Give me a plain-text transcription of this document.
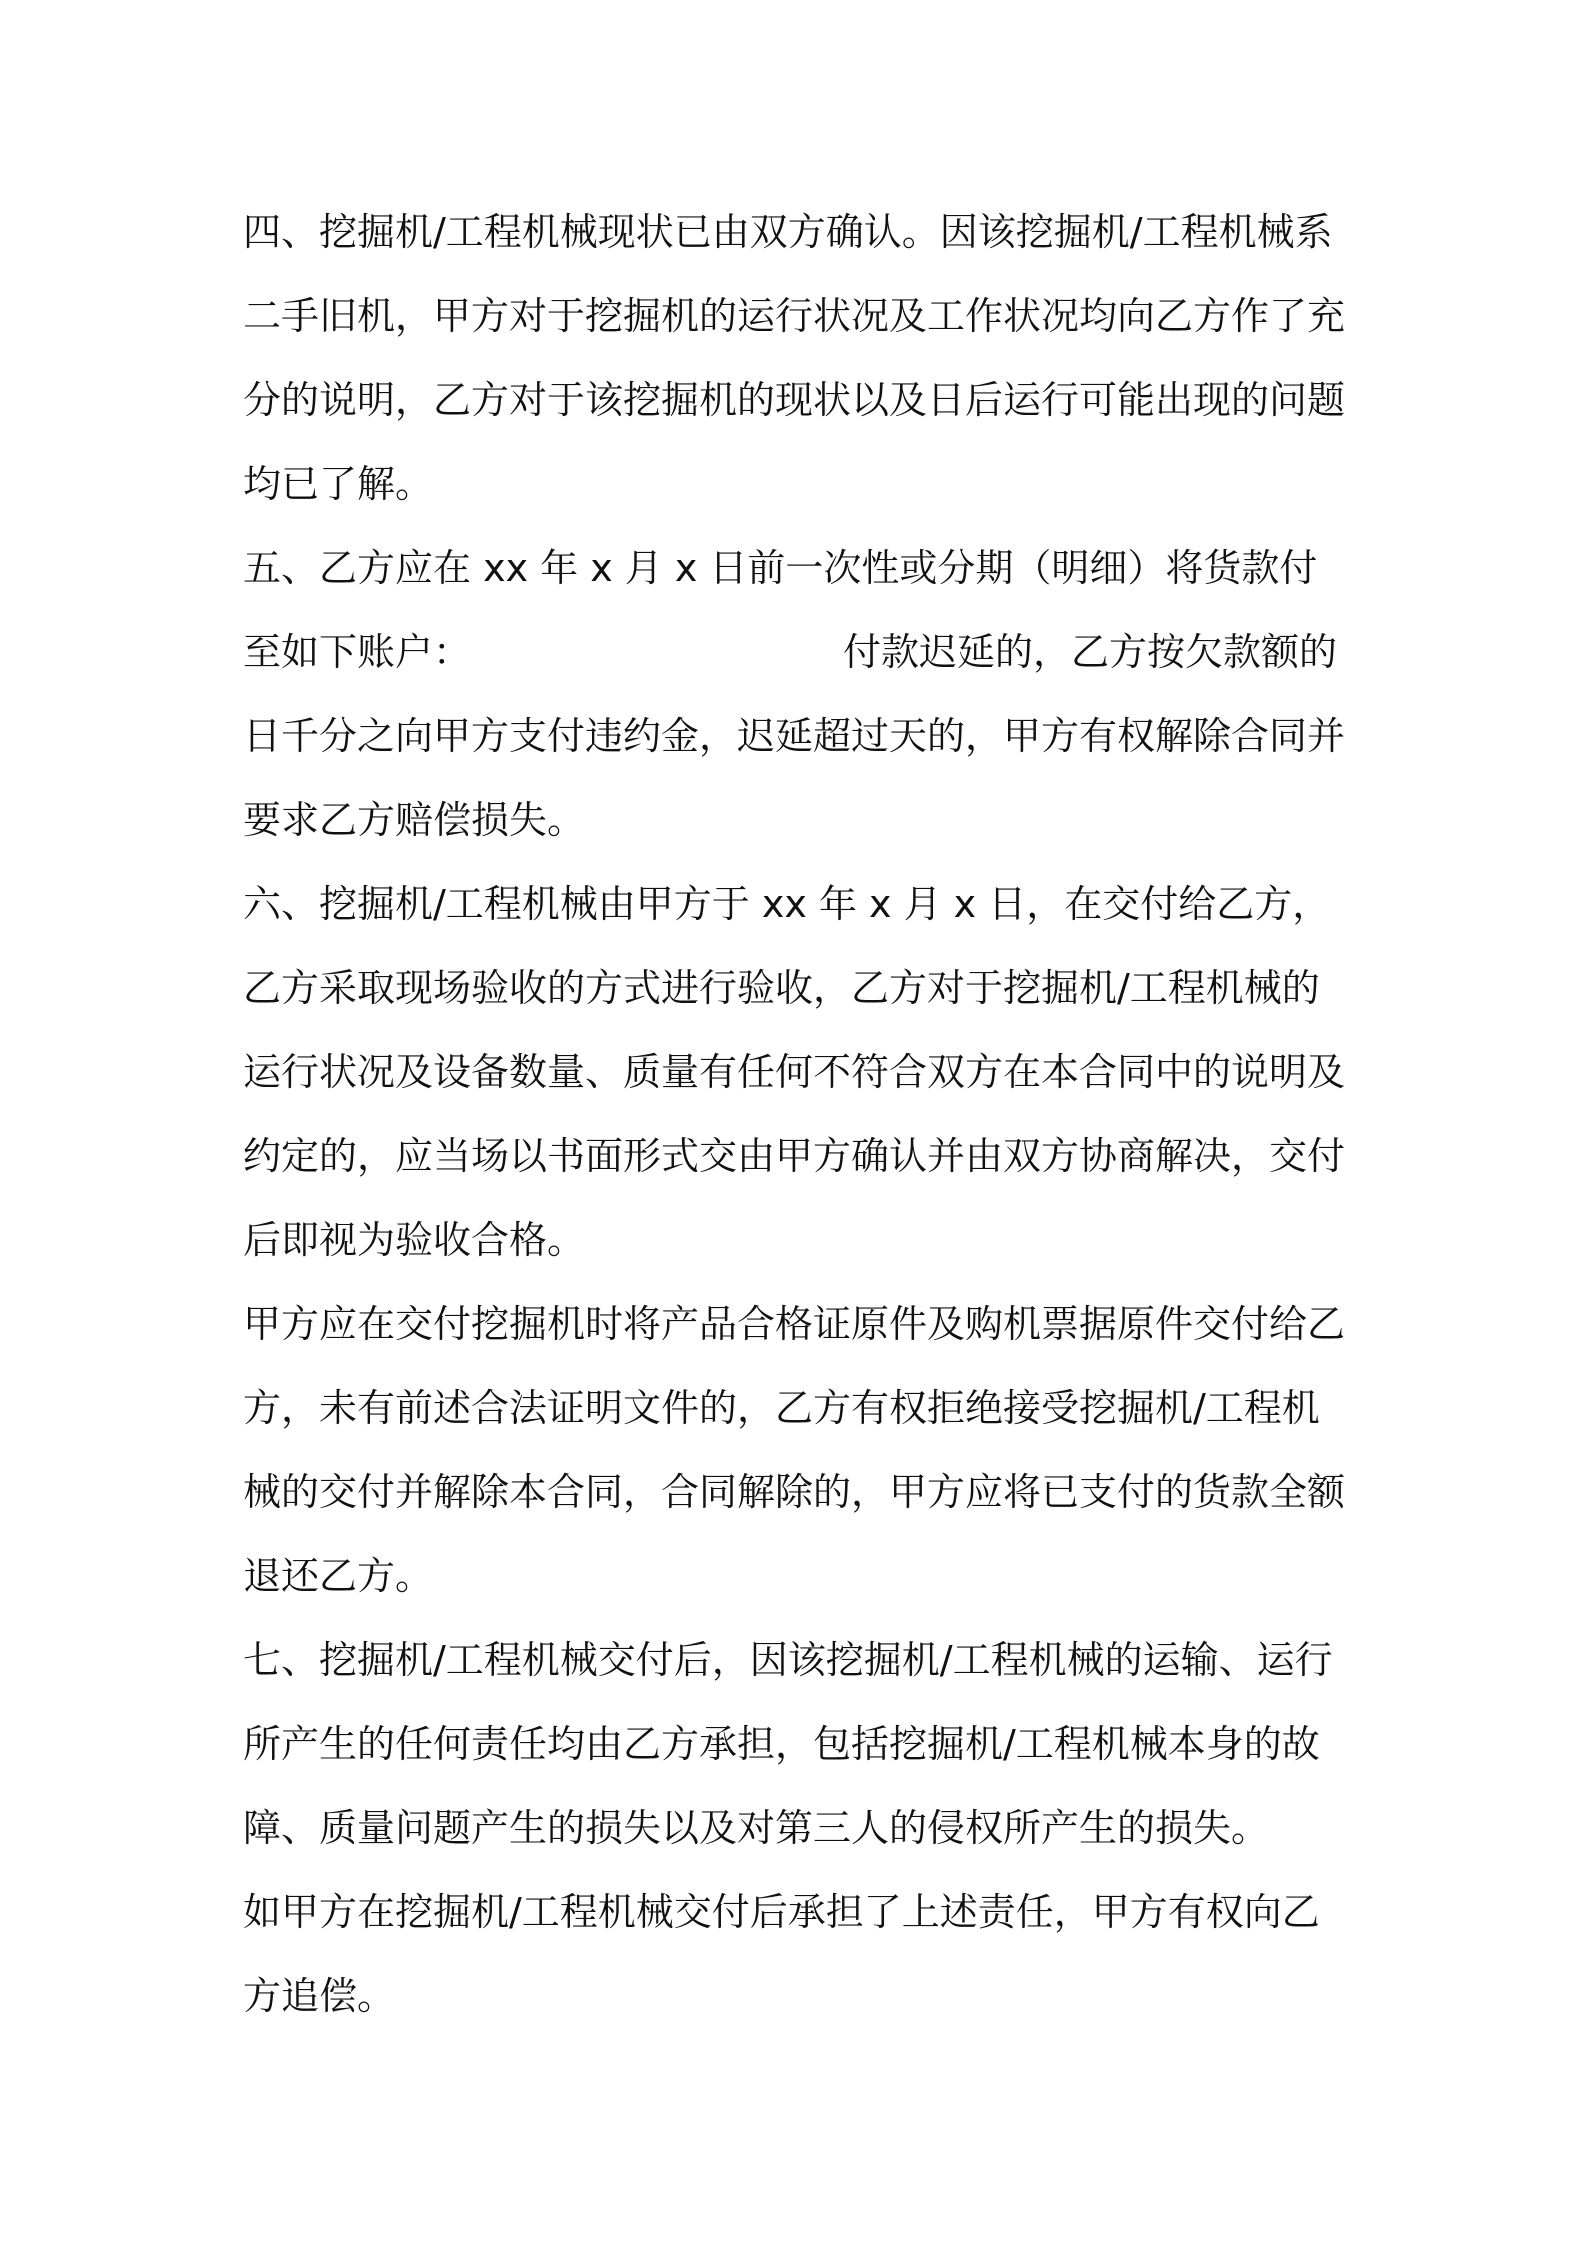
四、挖掘机/工程机械现状已由双方确认。因该挖掘机/工程机械系二手旧机，甲方对于挖掘机的运行状况及工作状况均向乙方作了充分的说明，乙方对于该挖掘机的现状以及日后运行可能出现的问题均已了解。

五、乙方应在 xx 年 x 月 x 日前一次性或分期（明细）将货款付至如下账户：	付款迟延的，乙方按欠款额的日千分之向甲方支付违约金，迟延超过天的，甲方有权解除合同并要求乙方赔偿损失。

六、挖掘机/工程机械由甲方于 xx 年 x 月 x 日，在交付给乙方，乙方采取现场验收的方式进行验收，乙方对于挖掘机/工程机械的运行状况及设备数量、质量有任何不符合双方在本合同中的说明及约定的，应当场以书面形式交由甲方确认并由双方协商解决，交付后即视为验收合格。

甲方应在交付挖掘机时将产品合格证原件及购机票据原件交付给乙方，未有前述合法证明文件的，乙方有权拒绝接受挖掘机/工程机械的交付并解除本合同，合同解除的，甲方应将已支付的货款全额退还乙方。

七、挖掘机/工程机械交付后，因该挖掘机/工程机械的运输、运行所产生的任何责任均由乙方承担，包括挖掘机/工程机械本身的故障、质量问题产生的损失以及对第三人的侵权所产生的损失。

如甲方在挖掘机/工程机械交付后承担了上述责任，甲方有权向乙方追偿。
